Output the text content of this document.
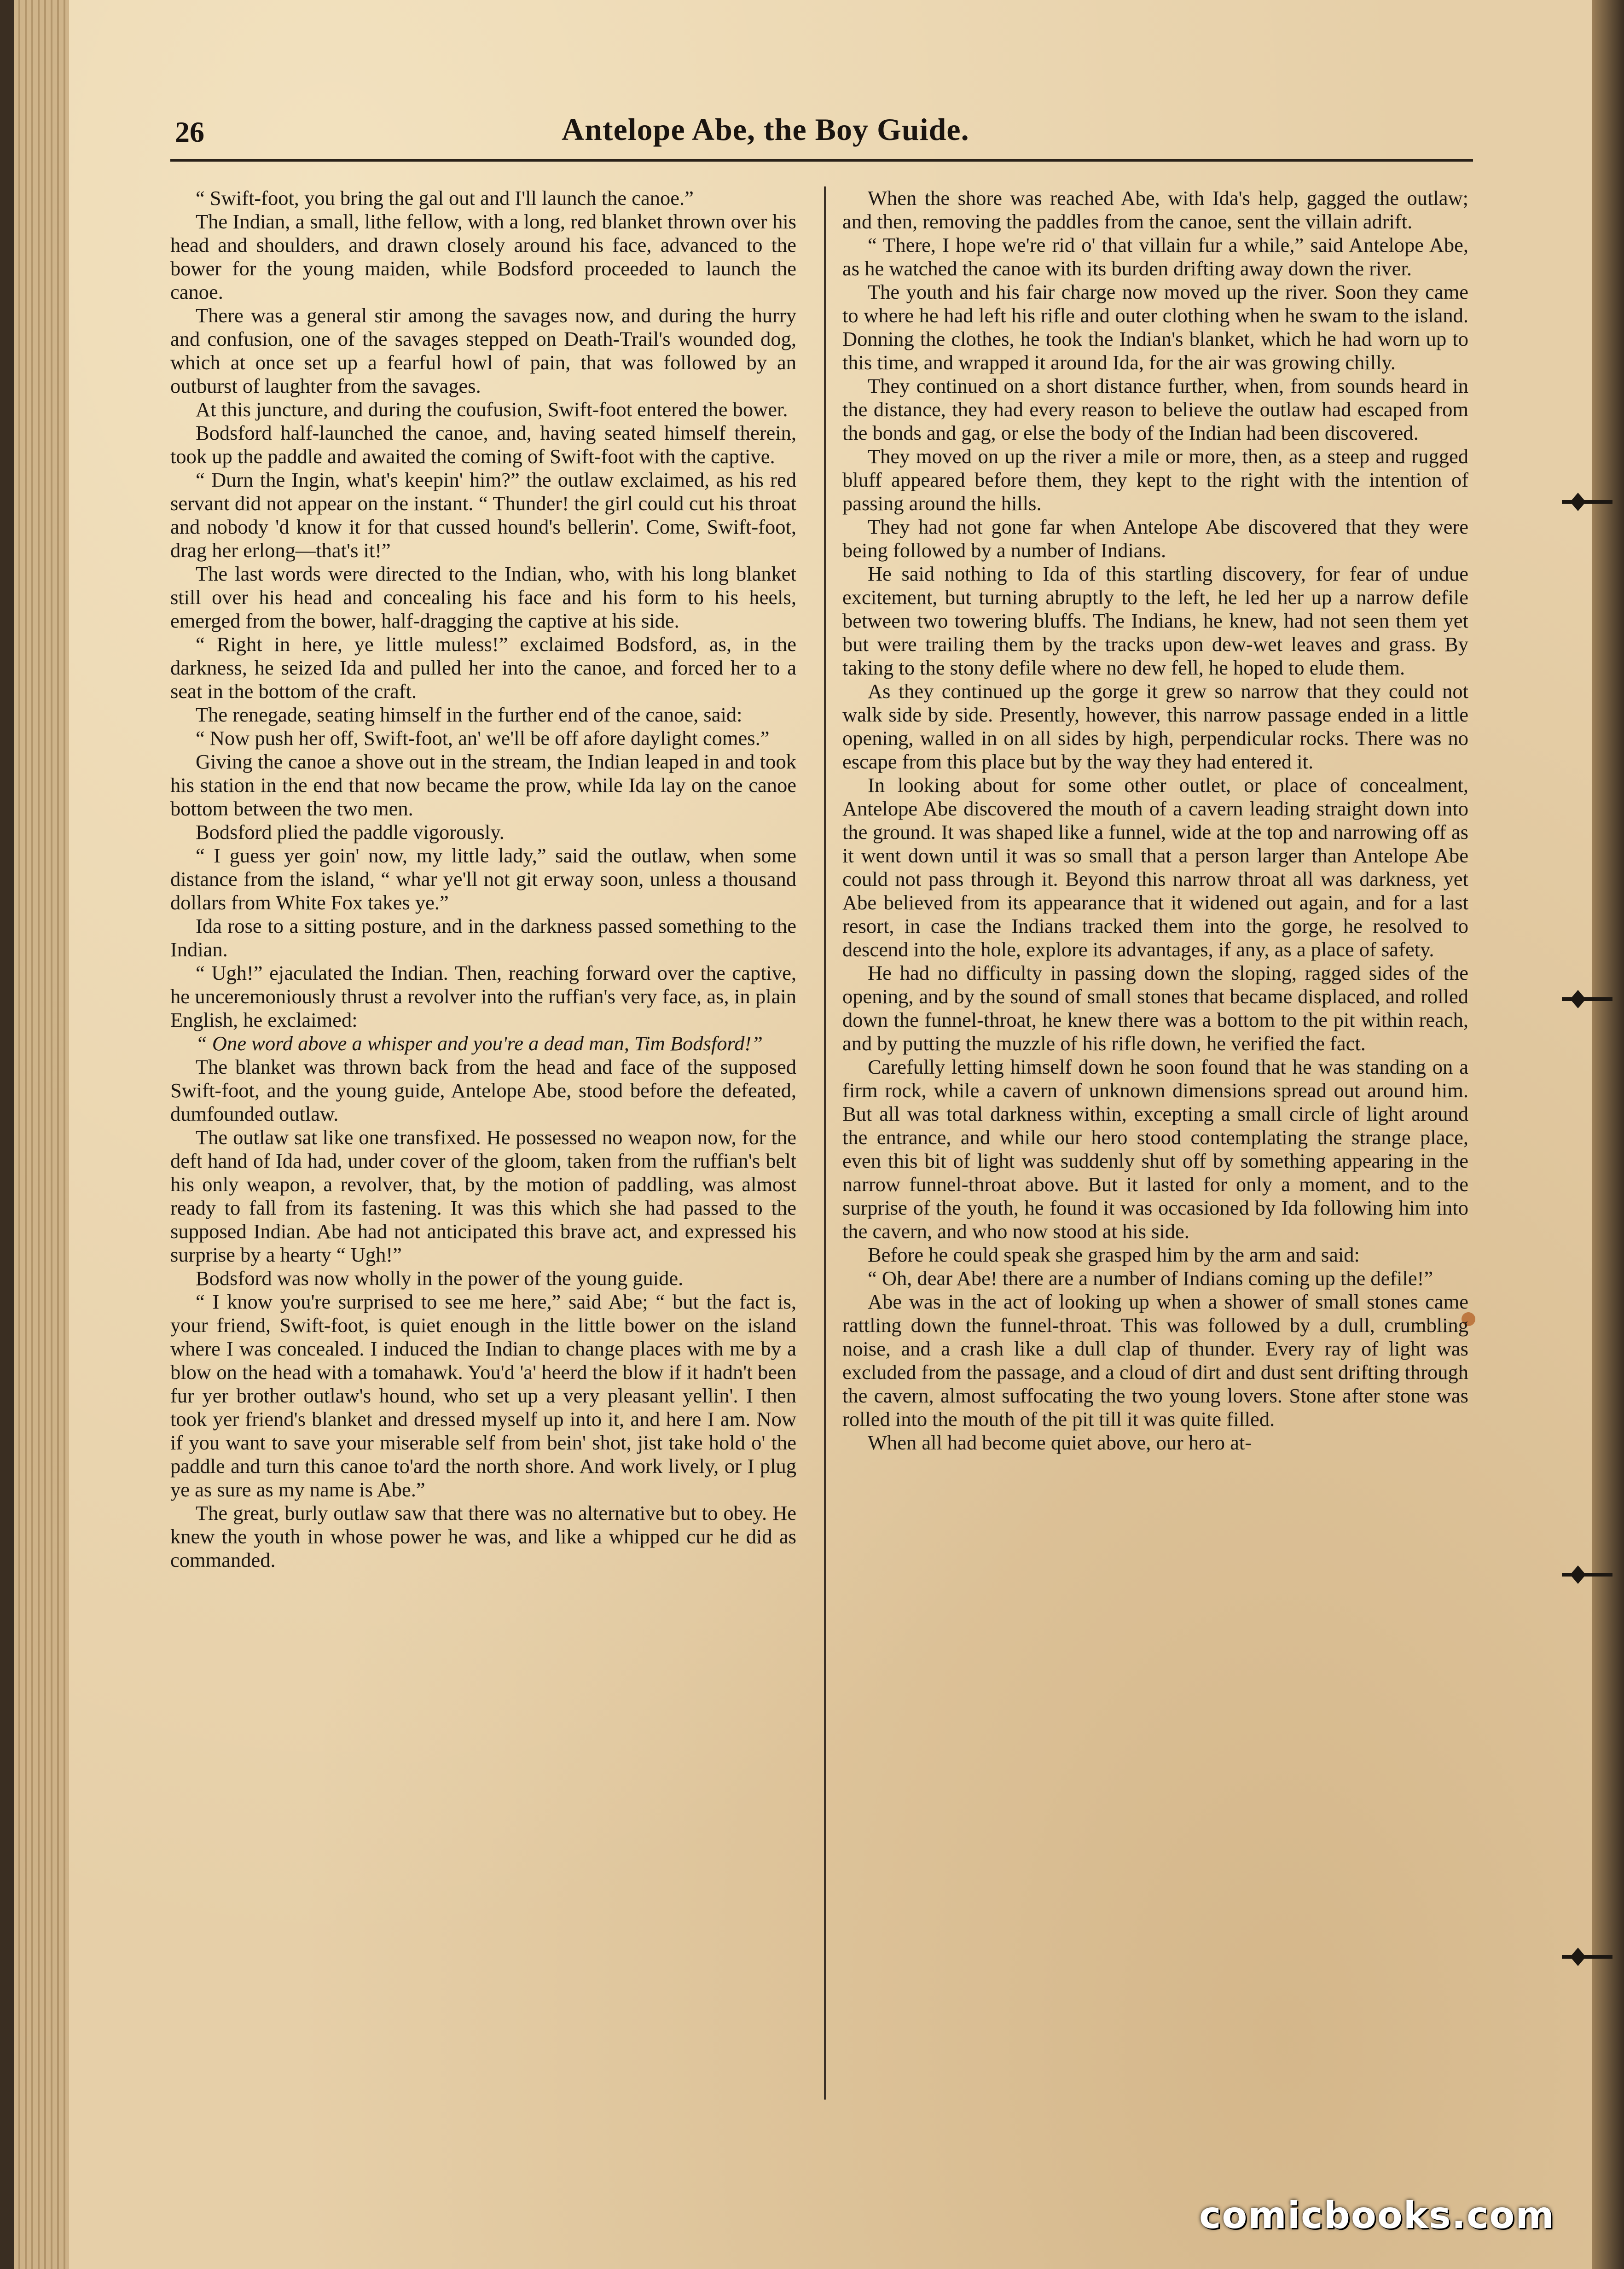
26	Antelope Abe, the Boy Guide.

“ Swift-foot, you bring the gal out and I'll launch the canoe.”

The Indian, a small, lithe fellow, with a long, red blanket thrown over his head and shoulders, and drawn closely around his face, advanced to the bower for the young maiden, while Bodsford proceeded to launch the canoe.

There was a general stir among the savages now, and during the hurry and confusion, one of the savages stepped on Death-Trail's wounded dog, which at once set up a fearful howl of pain, that was followed by an outburst of laughter from the savages.

At this juncture, and during the coufusion, Swift-foot entered the bower.

Bodsford half-launched the canoe, and, having seated himself therein, took up the paddle and awaited the coming of Swift-foot with the captive.

“ Durn the Ingin, what's keepin' him?” the outlaw exclaimed, as his red servant did not appear on the instant. “ Thunder! the girl could cut his throat and nobody 'd know it for that cussed hound's bellerin'. Come, Swift-foot, drag her erlong—that's it!”

The last words were directed to the Indian, who, with his long blanket still over his head and concealing his face and his form to his heels, emerged from the bower, half-dragging the captive at his side.

“ Right in here, ye little muless!” exclaimed Bodsford, as, in the darkness, he seized Ida and pulled her into the canoe, and forced her to a seat in the bottom of the craft.

The renegade, seating himself in the further end of the canoe, said:

“ Now push her off, Swift-foot, an' we'll be off afore daylight comes.”

Giving the canoe a shove out in the stream, the Indian leaped in and took his station in the end that now became the prow, while Ida lay on the canoe bottom between the two men.

Bodsford plied the paddle vigorously.

“ I guess yer goin' now, my little lady,” said the outlaw, when some distance from the island, “ whar ye'll not git erway soon, unless a thousand dollars from White Fox takes ye.”

Ida rose to a sitting posture, and in the darkness passed something to the Indian.

“ Ugh!” ejaculated the Indian. Then, reaching forward over the captive, he unceremoniously thrust a revolver into the ruffian's very face, as, in plain English, he exclaimed:

“ One word above a whisper and you're a dead man, Tim Bodsford!”

The blanket was thrown back from the head and face of the supposed Swift-foot, and the young guide, Antelope Abe, stood before the defeated, dumfounded outlaw.

The outlaw sat like one transfixed. He possessed no weapon now, for the deft hand of Ida had, under cover of the gloom, taken from the ruffian's belt his only weapon, a revolver, that, by the motion of paddling, was almost ready to fall from its fastening. It was this which she had passed to the supposed Indian. Abe had not anticipated this brave act, and expressed his surprise by a hearty “ Ugh!”

Bodsford was now wholly in the power of the young guide.

“ I know you're surprised to see me here,” said Abe; “ but the fact is, your friend, Swift-foot, is quiet enough in the little bower on the island where I was concealed. I induced the Indian to change places with me by a blow on the head with a tomahawk. You'd 'a' heerd the blow if it hadn't been fur yer brother outlaw's hound, who set up a very pleasant yellin'. I then took yer friend's blanket and dressed myself up into it, and here I am. Now if you want to save your miserable self from bein' shot, jist take hold o' the paddle and turn this canoe to'ard the north shore. And work lively, or I plug ye as sure as my name is Abe.”

The great, burly outlaw saw that there was no alternative but to obey. He knew the youth in whose power he was, and like a whipped cur he did as commanded.

When the shore was reached Abe, with Ida's help, gagged the outlaw; and then, removing the paddles from the canoe, sent the villain adrift.

“ There, I hope we're rid o' that villain fur a while,” said Antelope Abe, as he watched the canoe with its burden drifting away down the river.

The youth and his fair charge now moved up the river. Soon they came to where he had left his rifle and outer clothing when he swam to the island. Donning the clothes, he took the Indian's blanket, which he had worn up to this time, and wrapped it around Ida, for the air was growing chilly.

They continued on a short distance further, when, from sounds heard in the distance, they had every reason to believe the outlaw had escaped from the bonds and gag, or else the body of the Indian had been discovered.

They moved on up the river a mile or more, then, as a steep and rugged bluff appeared before them, they kept to the right with the intention of passing around the hills.

They had not gone far when Antelope Abe discovered that they were being followed by a number of Indians.

He said nothing to Ida of this startling discovery, for fear of undue excitement, but turning abruptly to the left, he led her up a narrow defile between two towering bluffs. The Indians, he knew, had not seen them yet but were trailing them by the tracks upon dew-wet leaves and grass. By taking to the stony defile where no dew fell, he hoped to elude them.

As they continued up the gorge it grew so narrow that they could not walk side by side. Presently, however, this narrow passage ended in a little opening, walled in on all sides by high, perpendicular rocks. There was no escape from this place but by the way they had entered it.

In looking about for some other outlet, or place of concealment, Antelope Abe discovered the mouth of a cavern leading straight down into the ground. It was shaped like a funnel, wide at the top and narrowing off as it went down until it was so small that a person larger than Antelope Abe could not pass through it. Beyond this narrow throat all was darkness, yet Abe believed from its appearance that it widened out again, and for a last resort, in case the Indians tracked them into the gorge, he resolved to descend into the hole, explore its advantages, if any, as a place of safety.

He had no difficulty in passing down the sloping, ragged sides of the opening, and by the sound of small stones that became displaced, and rolled down the funnel-throat, he knew there was a bottom to the pit within reach, and by putting the muzzle of his rifle down, he verified the fact.

Carefully letting himself down he soon found that he was standing on a firm rock, while a cavern of unknown dimensions spread out around him. But all was total darkness within, excepting a small circle of light around the entrance, and while our hero stood contemplating the strange place, even this bit of light was suddenly shut off by something appearing in the narrow funnel-throat above. But it lasted for only a moment, and to the surprise of the youth, he found it was occasioned by Ida following him into the cavern, and who now stood at his side.

Before he could speak she grasped him by the arm and said:

“ Oh, dear Abe! there are a number of Indians coming up the defile!”

Abe was in the act of looking up when a shower of small stones came rattling down the funnel-throat. This was followed by a dull, crumbling noise, and a crash like a dull clap of thunder. Every ray of light was excluded from the passage, and a cloud of dirt and dust sent drifting through the cavern, almost suffocating the two young lovers. Stone after stone was rolled into the mouth of the pit till it was quite filled.

When all had become quiet above, our hero at-

comicbooks.com
